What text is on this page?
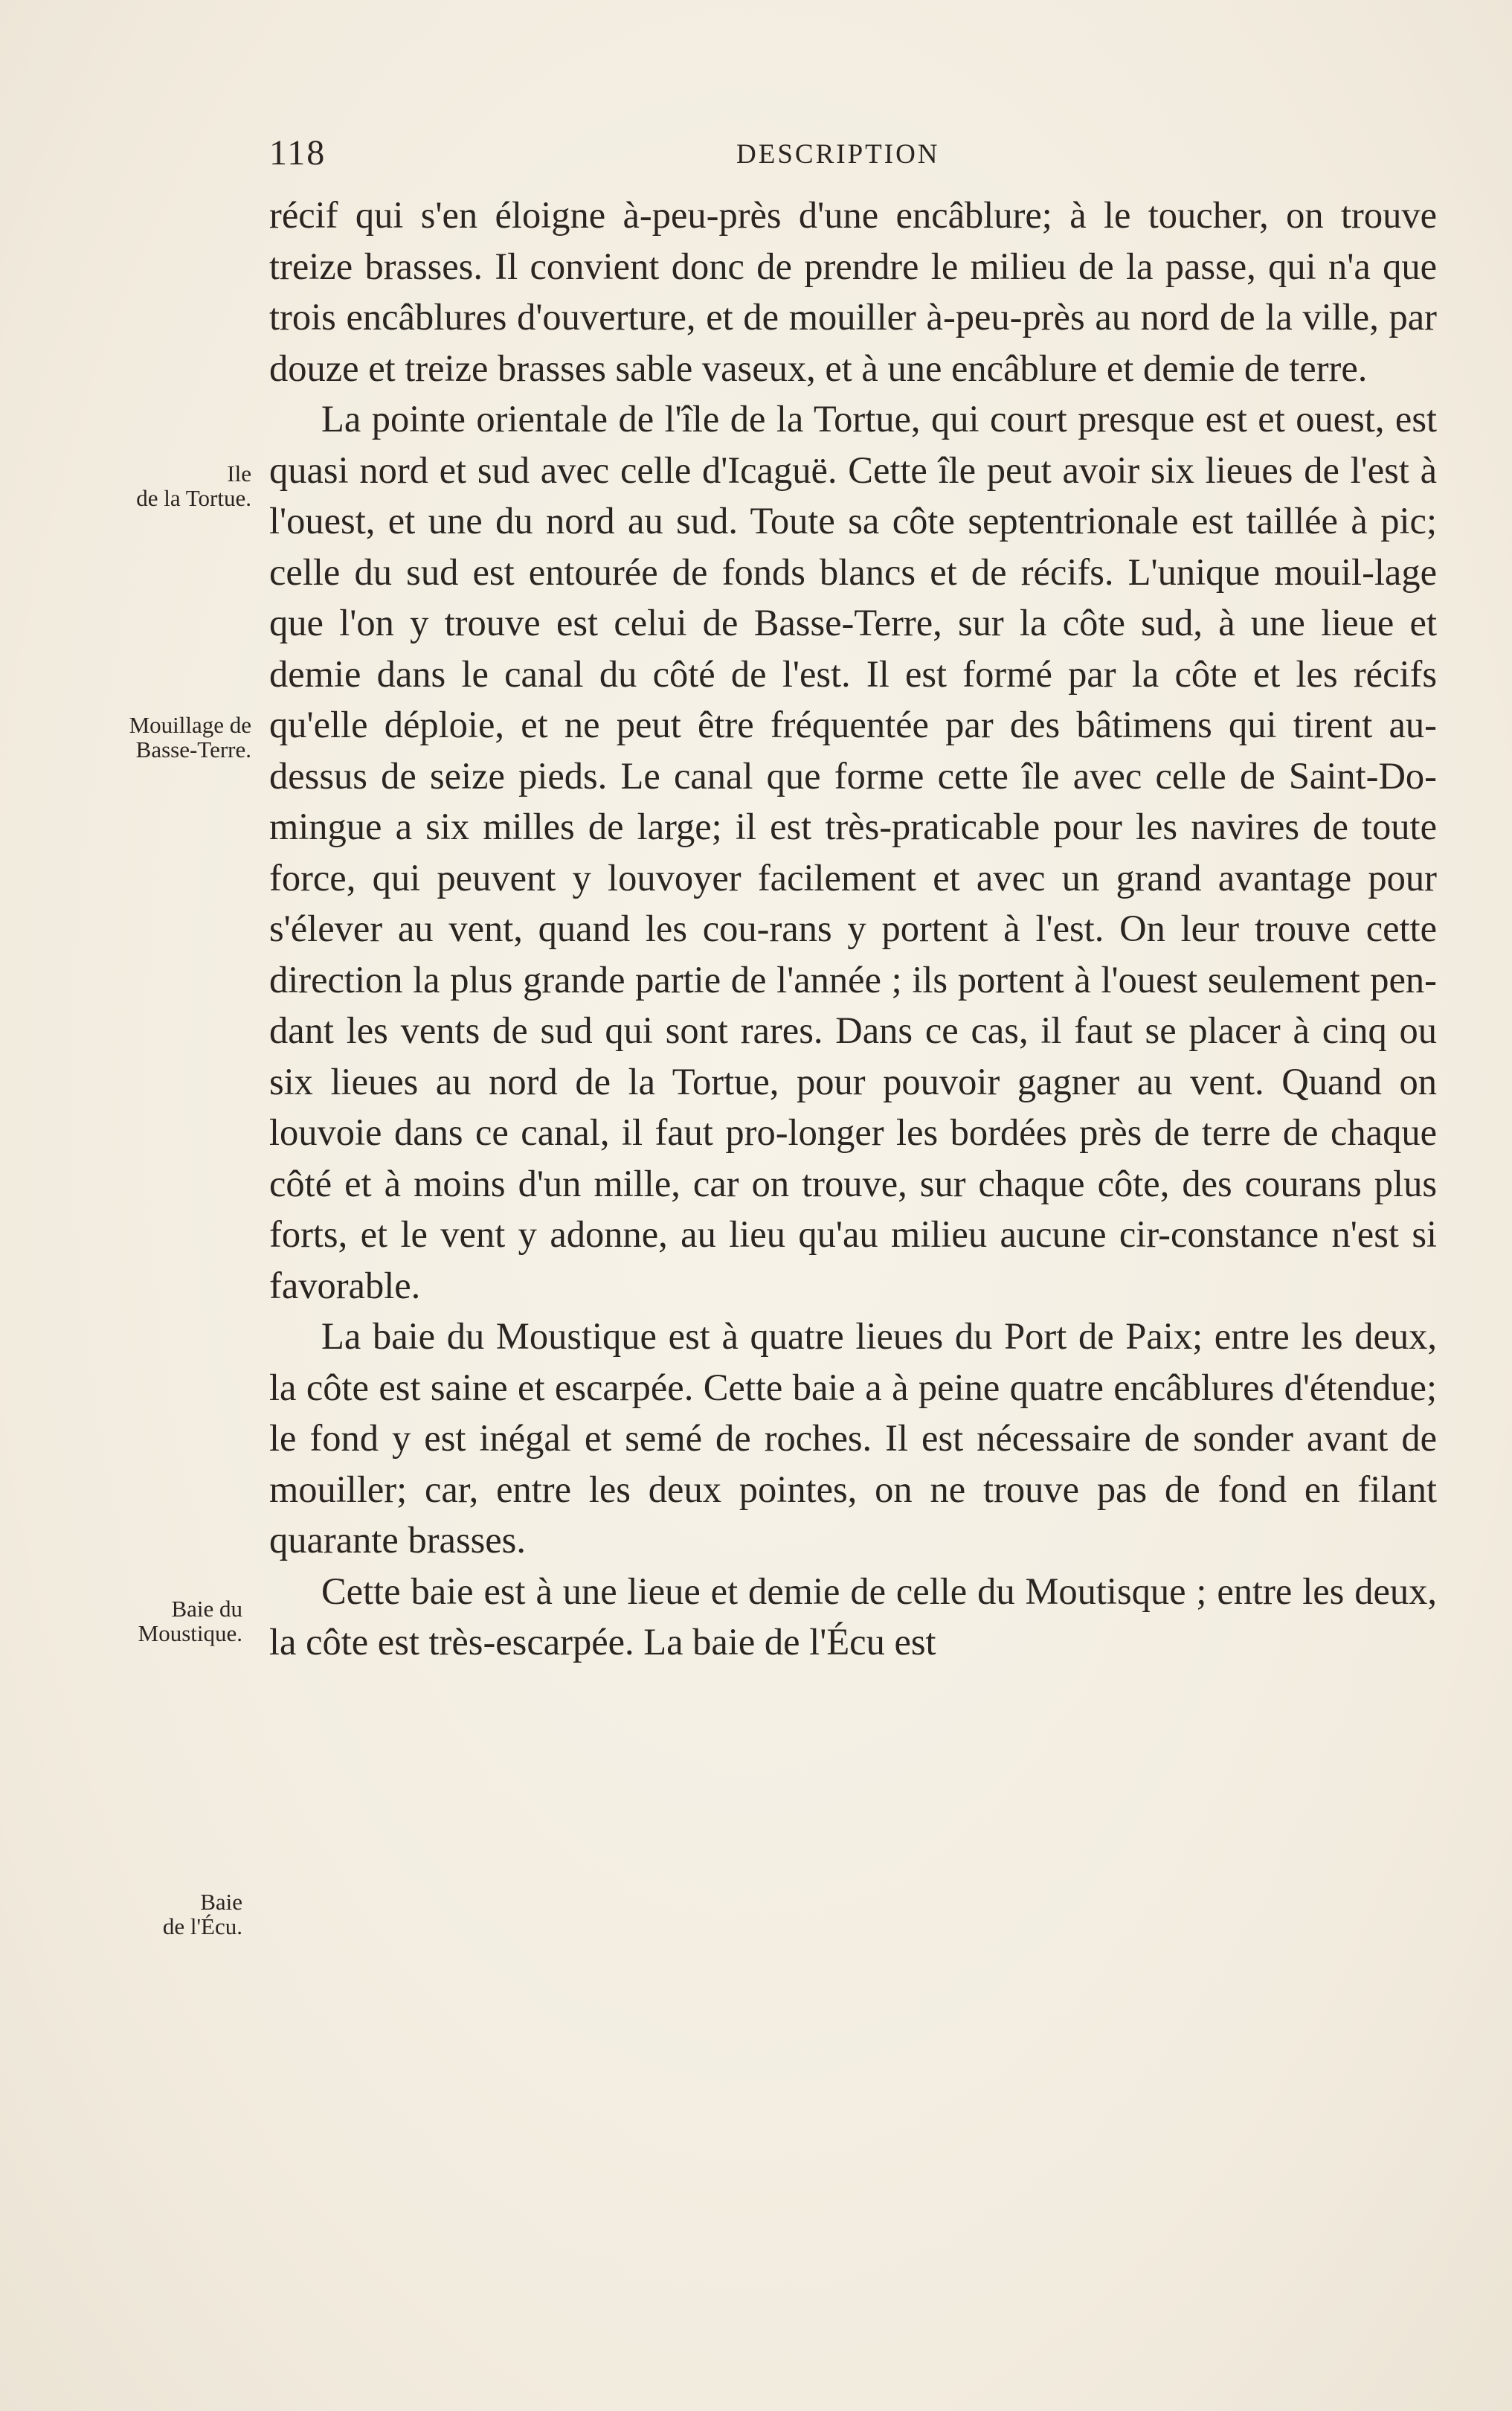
118	DESCRIPTION

récif qui s'en éloigne à-peu-près d'une encâblure; à le toucher, on trouve treize brasses. Il convient donc de prendre le milieu de la passe, qui n'a que trois encâblures d'ouverture, et de mouiller à-peu-près au nord de la ville, par douze et treize brasses sable vaseux, et à une encâblure et demie de terre.

La pointe orientale de l'île de la Tortue, qui court presque est et ouest, est quasi nord et sud avec celle d'Icaguë. Cette île peut avoir six lieues de l'est à l'ouest, et une du nord au sud. Toute sa côte septentrionale est taillée à pic; celle du sud est entourée de fonds blancs et de récifs. L'unique mouil-lage que l'on y trouve est celui de Basse-Terre, sur la côte sud, à une lieue et demie dans le canal du côté de l'est. Il est formé par la côte et les récifs qu'elle déploie, et ne peut être fréquentée par des bâtimens qui tirent au-dessus de seize pieds. Le canal que forme cette île avec celle de Saint-Do-mingue a six milles de large; il est très-praticable pour les navires de toute force, qui peuvent y louvoyer facilement et avec un grand avantage pour s'élever au vent, quand les cou-rans y portent à l'est. On leur trouve cette direction la plus grande partie de l'année ; ils portent à l'ouest seulement pen-dant les vents de sud qui sont rares. Dans ce cas, il faut se placer à cinq ou six lieues au nord de la Tortue, pour pouvoir gagner au vent. Quand on louvoie dans ce canal, il faut pro-longer les bordées près de terre de chaque côté et à moins d'un mille, car on trouve, sur chaque côte, des courans plus forts, et le vent y adonne, au lieu qu'au milieu aucune cir-constance n'est si favorable.

La baie du Moustique est à quatre lieues du Port de Paix; entre les deux, la côte est saine et escarpée. Cette baie a à peine quatre encâblures d'étendue; le fond y est inégal et semé de roches. Il est nécessaire de sonder avant de mouiller; car, entre les deux pointes, on ne trouve pas de fond en filant quarante brasses.

Cette baie est à une lieue et demie de celle du Moutisque ; entre les deux, la côte est très-escarpée. La baie de l'Écu est

Ile
de la Tortue.
Mouillage de
Basse-Terre.
Baie du
Moustique.
Baie
de l'Écu.
